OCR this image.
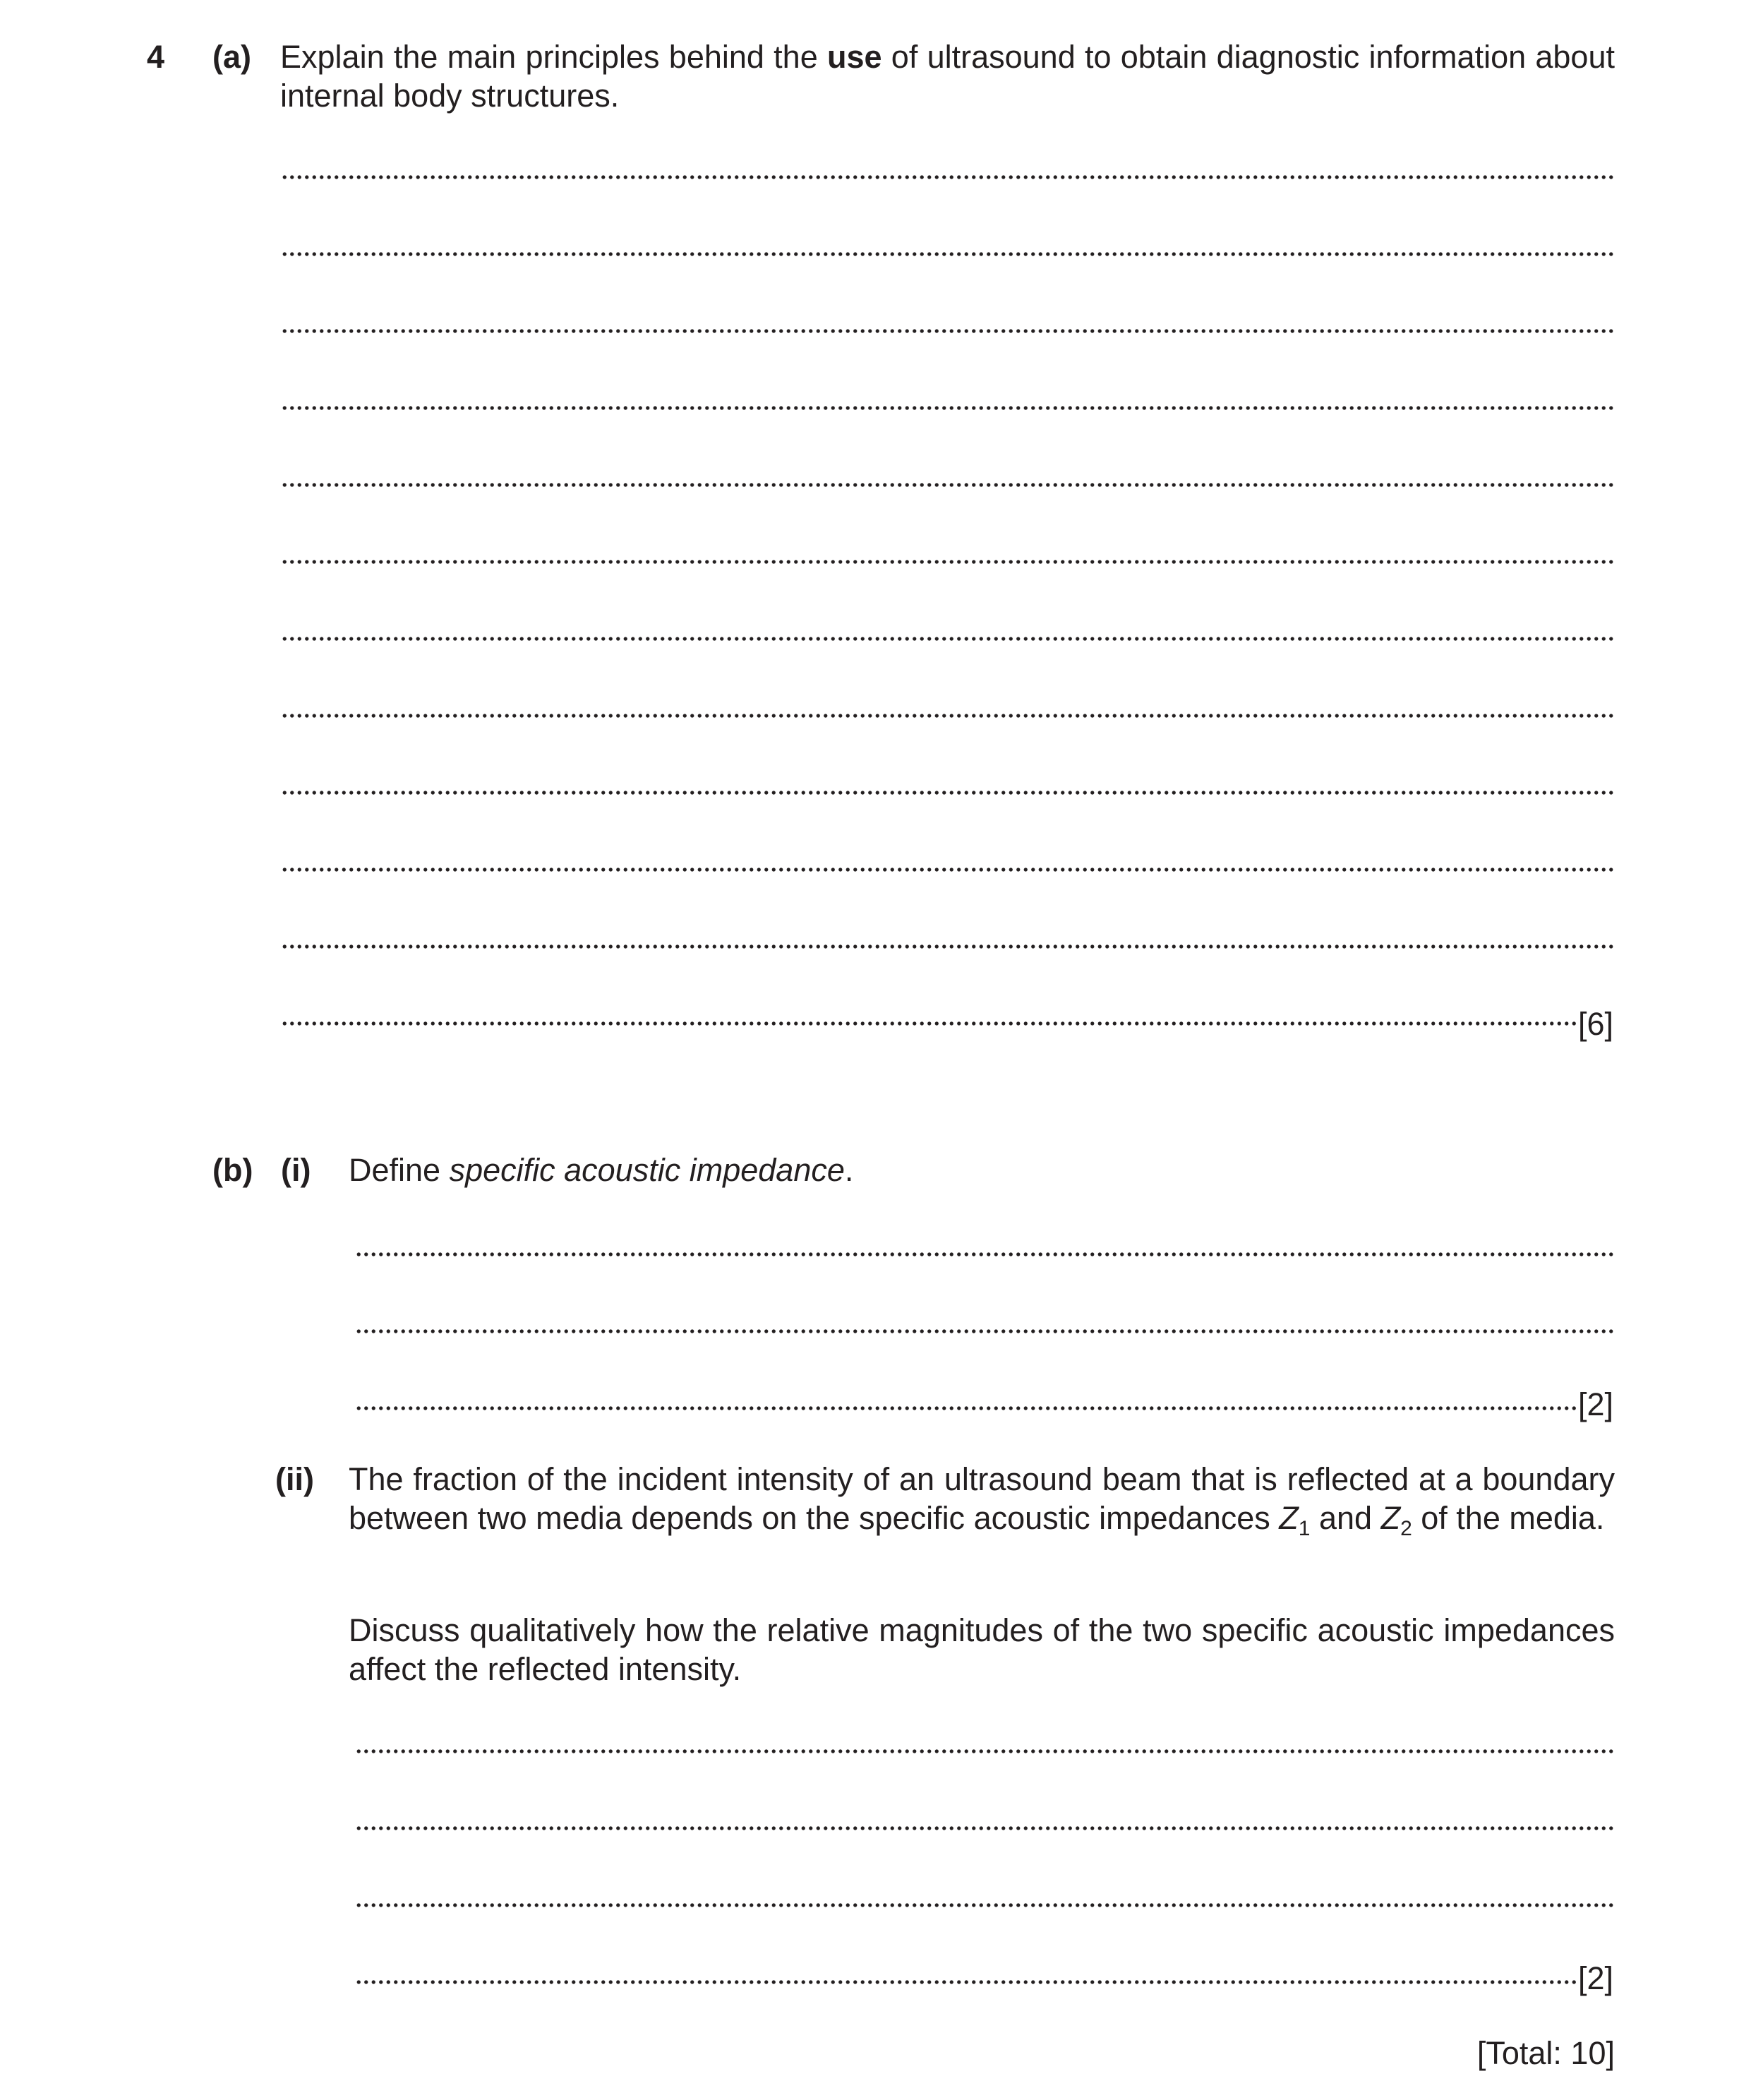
4 (a) Explain the main principles behind the use of ultrasound to obtain diagnostic information about internal body structures.
[6]
(b) (i) Define specific acoustic impedance.
[2]
(ii) The fraction of the incident intensity of an ultrasound beam that is reflected at a boundary between two media depends on the specific acoustic impedances $Z_1$ and $Z_2$ of the media.
Discuss qualitatively how the relative magnitudes of the two specific acoustic impedances affect the reflected intensity.
[2]
[Total: 10]
